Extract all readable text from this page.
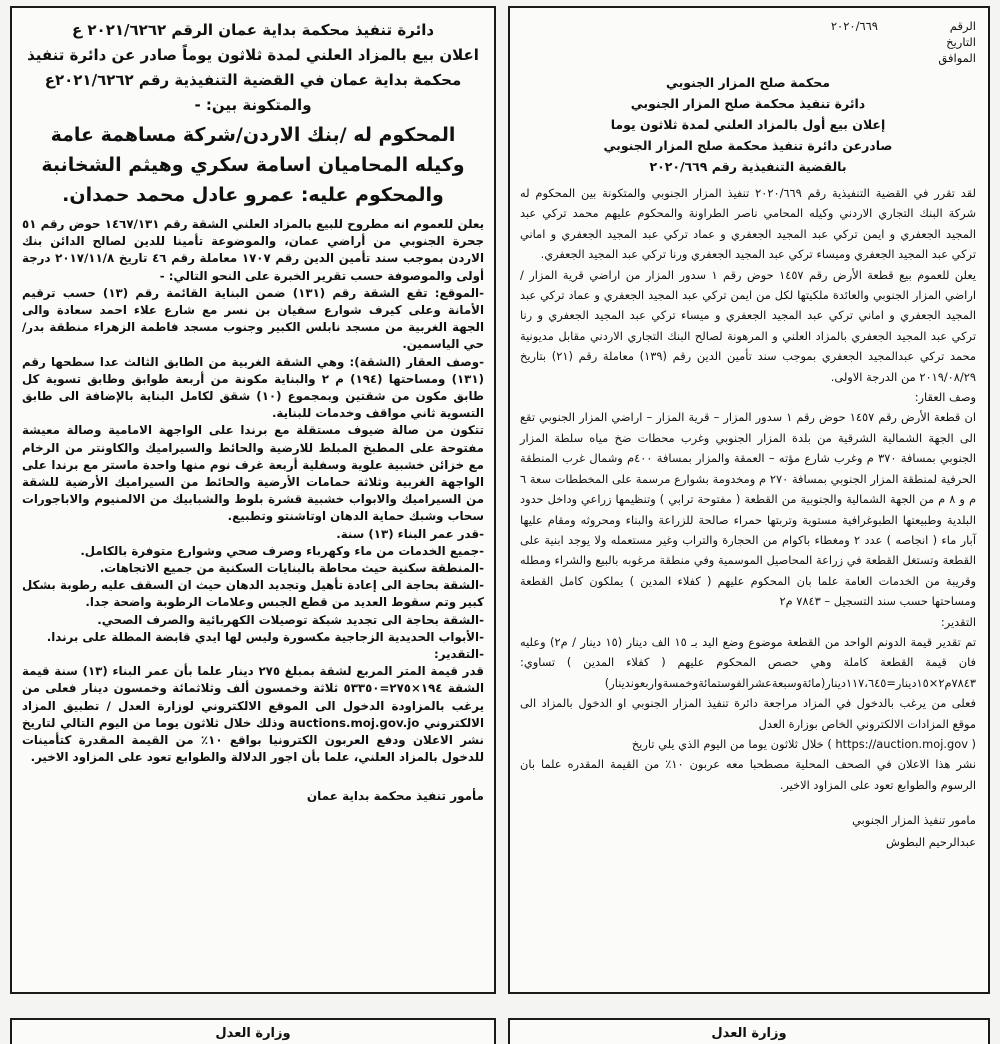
الرقم
٢٠٢٠/٦٦٩
التاريخ
الموافق
محكمة صلح المزار الجنوبي
دائرة تنفيذ محكمة صلح المزار الجنوبي
إعلان بيع أول بالمزاد العلني لمدة ثلاثون يوما
صادرعن دائرة تنفيذ محكمة صلح المزار الجنوبي
بالقضية التنفيذية رقم ٢٠٢٠/٦٦٩

لقد تقرر في القضية التنفيذية رقم ٢٠٢٠/٦٦٩ تنفيذ المزار الجنوبي والمتكونة بين المحكوم له شركة البنك التجاري الاردني وكيله المحامي ناصر الطراونة والمحكوم عليهم محمد تركي عبد المجيد الجعفري و ايمن تركي عبد المجيد الجعفري و عماد تركي عبد المجيد الجعفري و اماني تركي عبد المجيد الجعفري وميساء تركي عبد المجيد الجعفري ورنا تركي عبد المجيد الجعفري.

يعلن للعموم بيع قطعة الأرض رقم ١٤٥٧ حوض رقم ١ سدور المزار من اراضي قرية المزار / اراضي المزار الجنوبي والعائدة ملكيتها لكل من ايمن تركي عبد المجيد الجعفري و عماد تركي عبد المجيد الجعفري و اماني تركي عبد المجيد الجعفري و ميساء تركي عبد المجيد الجعفري و رنا تركي عبد المجيد الجعفري بالمزاد العلني و المرهونة لصالح البنك التجاري الاردني مقابل مديونية محمد تركي عبدالمجيد الجعفري بموجب سند تأمين الدين رقم (١٣٩) معاملة رقم (٢١) بتاريخ ٢٠١٩/٠٨/٢٩ من الدرجة الاولى.

وصف العقار:

ان قطعة الأرض رقم ١٤٥٧ حوض رقم ١ سدور المزار – قرية المزار – اراضي المزار الجنوبي تقع الى الجهة الشمالية الشرقية من بلدة المزار الجنوبي وغرب محطات ضخ مياه سلطة المزار الجنوبي بمسافة ٣٧٠ م وغرب شارع مؤته – العمقة والمزار بمسافة ٤٠٠م وشمال غرب المنطقة الحرفية لمنطقة المزار الجنوبي بمسافة ٢٧٠ م ومخدومة بشوارع مرسمة على المخططات سعة ٦ م و ٨ م من الجهة الشمالية والجنوبية من القطعة ( مفتوحة ترابي ) وتنظيمها زراعي وداخل حدود البلدية وطبيعتها الطبوغرافية مستوية وتربتها حمراء صالحة للزراعة والبناء ومحروثه ومقام عليها آبار ماء ( انجاصه ) عدد ٢ ومغطاء باكوام من الحجارة والتراب وغير مستعمله ولا يوجد ابنية على القطعة وتستغل القطعة في زراعة المحاصيل الموسمية وفي منطقة مرغوبه بالبيع والشراء ومطله وقريبة من الخدمات العامة علما بان المحكوم عليهم ( كفلاء المدين ) يملكون كامل القطعة ومساحتها حسب سند التسجيل – ٧٨٤٣ م٢

التقدير:

تم تقدير قيمة الدونم الواحد من القطعة موضوع وضع اليد بـ ١٥ الف دينار (١٥ دينار / م٢) وعليه فان قيمة القطعة كاملة وهي حصص المحكوم عليهم ( كفلاء المدين ) تساوي: ٧٨٤٣م٢×١٥دينار=١١٧،٦٤٥دينار(مائةوسبعةعشرالفوستمائةوخمسةواربعوندينار)

فعلى من يرغب بالدخول في المزاد مراجعة دائرة تنفيذ المزار الجنوبي او الدخول بالمزاد الى موقع المزادات الالكتروني الخاص بوزارة العدل

( https://auction.moj.gov ) خلال ثلاثون يوما من اليوم الذي يلي تاريخ

نشر هذا الاعلان في الصحف المحلية مصطحبا معه عربون ١٠٪ من القيمة المقدره علما بان الرسوم والطوابع تعود على المزاود الاخير.

مامور تنفيذ المزار الجنوبي
عبدالرحيم البطوش
دائرة تنفيذ محكمة بداية عمان الرقم ٢٠٢١/٦٢٦٢ ع
اعلان بيع بالمزاد العلني لمدة ثلاثون يوماً صادر عن دائرة تنفيذ
محكمة بداية عمان في القضية التنفيذية رقم ٢٠٢١/٦٢٦٢ع
والمتكونة بين: -
المحكوم له /بنك الاردن/شركة مساهمة عامة
وكيله المحاميان اسامة سكري وهيثم الشخانبة
والمحكوم عليه: عمرو عادل محمد حمدان.

يعلن للعموم انه مطروح للبيع بالمزاد العلني الشقة رقم ١٤٦٧/١٣١ حوض رقم ٥١ جحرة الجنوبي من أراضي عمان، والموضوعة تأمينا للدين لصالح الدائن بنك الاردن بموجب سند تأمين الدين رقم ١٧٠٧ معاملة رقم ٤٦ تاريخ ٢٠١٧/١١/٨ درجة أولى والموصوفة حسب تقرير الخبرة على النحو التالي: -

-الموقع: تقع الشقة رقم (١٣١) ضمن البناية القائمة رقم (١٣) حسب ترقيم الأمانة وعلى كيرف شوارع سفيان بن نسر مع شارع علاء احمد سعادة والى الجهة الغربية من مسجد نابلس الكبير وجنوب مسجد فاطمة الزهراء منطقة بدر/ حي الياسمين.

-وصف العقار (الشقة): وهي الشقة الغربية من الطابق الثالث عدا سطحها رقم (١٣١) ومساحتها (١٩٤) م ٢ والبناية مكونة من أربعة طوابق وطابق تسوية كل طابق مكون من شقتين وبمجموع (١٠) شقق لكامل البناية بالإضافة الى طابق التسوية ثاني مواقف وخدمات للبناية.

تتكون من صالة ضيوف مستقلة مع برندا على الواجهة الامامية وصالة معيشة مفتوحة على المطبخ المبلط للارضية والحائط والسيراميك والكاونتر من الرخام مع خزائن خشبية علوية وسفلية أربعة غرف نوم منها واحدة ماستر مع برندا على الواجهة الغربية وثلاثة حمامات الأرضية والحائط من السيراميك الأرضية للشقة من السيراميك والابواب خشبية قشرة بلوط والشبابيك من الالمنيوم والاباجورات سحاب وشبك حماية الدهان اوتاشنتو وتطبيع.

-قدر عمر البناء (١٣) سنة.

-جميع الخدمات من ماء وكهرباء وصرف صحي وشوارع متوفرة بالكامل.

-المنطقة سكنية حيث محاطة بالبنايات السكنية من جميع الاتجاهات.

-الشقة بحاجة الى إعادة تأهيل وتجديد الدهان حيث ان السقف عليه رطوبة بشكل كبير وتم سقوط العديد من قطع الجبس وعلامات الرطوبة واضحة جدا.

-الشقة بحاجة الى تجديد شبكة توصيلات الكهربائية والصرف الصحي.

-الأبواب الحديدية الزجاجية مكسورة وليس لها ايدي قابضة المطلة على برندا.

-التقدير:

قدر قيمة المتر المربع لشقة بمبلغ ٢٧٥ دينار علما بأن عمر البناء (١٣) سنة قيمة الشقة ١٩٤×٢٧٥=٥٣٣٥٠ ثلاثة وخمسون ألف وثلاثمائة وخمسون دينار فعلى من يرغب بالمزاودة الدخول الى الموقع الالكتروني لوزارة العدل / تطبيق المزاد الالكتروني auctions.moj.gov.jo وذلك خلال ثلاثون يوما من اليوم التالي لتاريخ نشر الاعلان ودفع العربون الكترونيا بواقع ١٠٪ من القيمة المقدرة كتأمينات للدخول بالمزاد العلني، علما بأن اجور الدلالة والطوابع تعود على المزاود الاخير.

مأمور تنفيذ محكمة بداية عمان
وزارة العدل
وزارة العدل
